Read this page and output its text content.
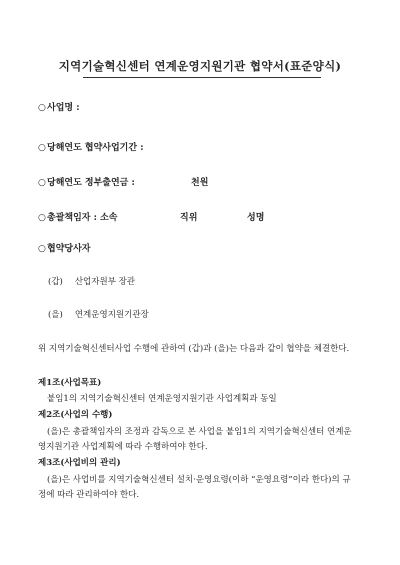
지역기술혁신센터 연계운영지원기관 협약서(표준양식)
○사업명 :
○당해연도 협약사업기간 :
○당해연도 정부출연금 :	천원
○총괄책임자 : 소속	직위	성명
○협약당사자
(갑) 산업자원부 장관
(을) 연계운영지원기관장
위 지역기술혁신센터사업 수행에 관하여 (갑)과 (을)는 다음과 같이 협약을 체결한다.
제1조(사업목표)
붙임1의 지역기술혁신센터 연계운영지원기관 사업계획과 동일
제2조(사업의 수행)
(을)은 총괄책임자의 조정과 감독으로 본 사업을 붙임1의 지역기술혁신센터 연계운
영지원기관 사업계획에 따라 수행하여야 한다.
제3조(사업비의 관리)
(을)은 사업비를 지역기술혁신센터 설치·운영요령(이하 “운영요령”이라 한다)의 규
정에 따라 관리하여야 한다.
